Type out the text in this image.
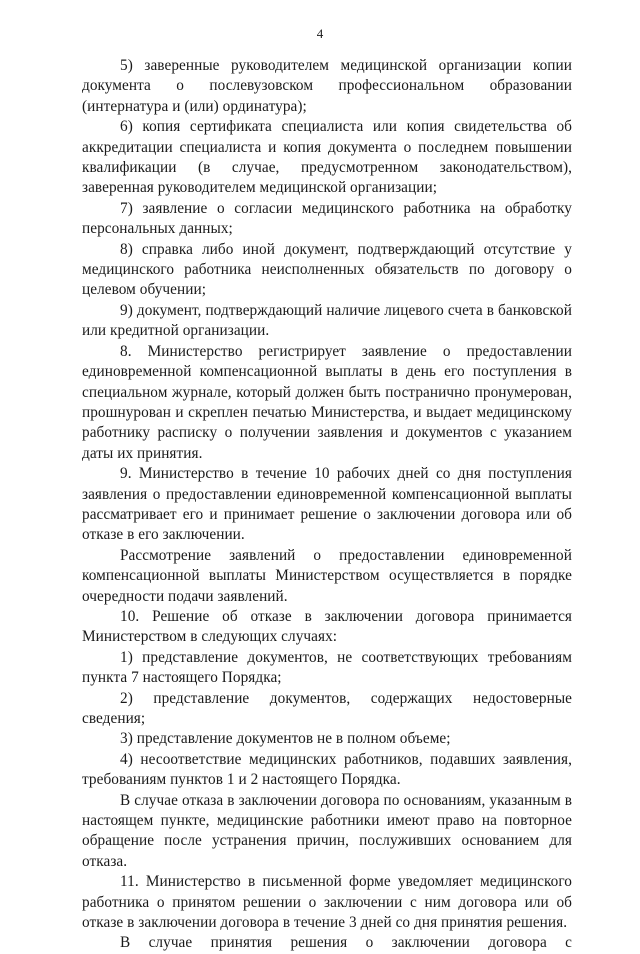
4

5) заверенные руководителем медицинской организации копии документа о послевузовском профессиональном образовании (интернатура и (или) ординатура);

6) копия сертификата специалиста или копия свидетельства об аккредитации специалиста и копия документа о последнем повышении квалификации (в случае, предусмотренном законодательством), заверенная руководителем медицинской организации;

7) заявление о согласии медицинского работника на обработку персональных данных;

8) справка либо иной документ, подтверждающий отсутствие у медицинского работника неисполненных обязательств по договору о целевом обучении;

9) документ, подтверждающий наличие лицевого счета в банковской или кредитной организации.

8. Министерство регистрирует заявление о предоставлении единовременной компенсационной выплаты в день его поступления в специальном журнале, который должен быть постранично пронумерован, прошнурован и скреплен печатью Министерства, и выдает медицинскому работнику расписку о получении заявления и документов с указанием даты их принятия.

9. Министерство в течение 10 рабочих дней со дня поступления заявления о предоставлении единовременной компенсационной выплаты рассматривает его и принимает решение о заключении договора или об отказе в его заключении.

Рассмотрение заявлений о предоставлении единовременной компенсационной выплаты Министерством осуществляется в порядке очередности подачи заявлений.

10. Решение об отказе в заключении договора принимается Министерством в следующих случаях:

1) представление документов, не соответствующих требованиям пункта 7 настоящего Порядка;

2) представление документов, содержащих недостоверные сведения;

3) представление документов не в полном объеме;

4) несоответствие медицинских работников, подавших заявления, требованиям пунктов 1 и 2 настоящего Порядка.

В случае отказа в заключении договора по основаниям, указанным в настоящем пункте, медицинские работники имеют право на повторное обращение после устранения причин, послуживших основанием для отказа.

11. Министерство в письменной форме уведомляет медицинского работника о принятом решении о заключении с ним договора или об отказе в заключении договора в течение 3 дней со дня принятия решения.

В случае принятия решения о заключении договора с
